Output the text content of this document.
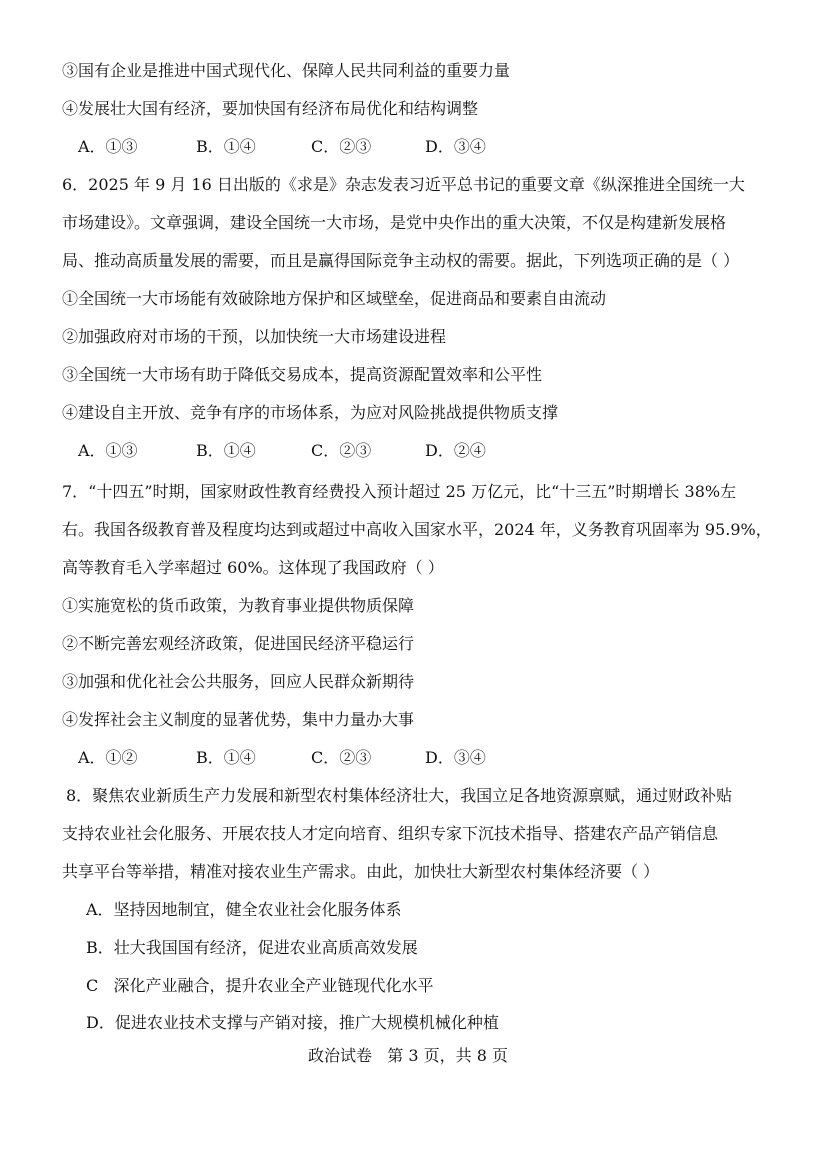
③国有企业是推进中国式现代化、保障人民共同利益的重要力量
④发展壮大国有经济，要加快国有经济布局优化和结构调整
A．①③	B．①④	C．②③	D．③④
6．2025 年 9 月 16 日出版的《求是》杂志发表习近平总书记的重要文章《纵深推进全国统一大
市场建设》。文章强调，建设全国统一大市场，是党中央作出的重大决策，不仅是构建新发展格
局、推动高质量发展的需要，而且是赢得国际竞争主动权的需要。据此，下列选项正确的是（ ）
①全国统一大市场能有效破除地方保护和区域壁垒，促进商品和要素自由流动
②加强政府对市场的干预，以加快统一大市场建设进程
③全国统一大市场有助于降低交易成本，提高资源配置效率和公平性
④建设自主开放、竞争有序的市场体系，为应对风险挑战提供物质支撑
A．①③	B．①④	C．②③	D．②④
7．“十四五”时期，国家财政性教育经费投入预计超过 25 万亿元，比“十三五”时期增长 38%左
右。我国各级教育普及程度均达到或超过中高收入国家水平，2024 年，义务教育巩固率为 95.9%，
高等教育毛入学率超过 60%。这体现了我国政府（ ）
①实施宽松的货币政策，为教育事业提供物质保障
②不断完善宏观经济政策，促进国民经济平稳运行
③加强和优化社会公共服务，回应人民群众新期待
④发挥社会主义制度的显著优势，集中力量办大事
A．①②	B．①④	C．②③	D．③④
8．聚焦农业新质生产力发展和新型农村集体经济壮大，我国立足各地资源禀赋，通过财政补贴
支持农业社会化服务、开展农技人才定向培育、组织专家下沉技术指导、搭建农产品产销信息
共享平台等举措，精准对接农业生产需求。由此，加快壮大新型农村集体经济要（ ）
A．坚持因地制宜，健全农业社会化服务体系
B．壮大我国国有经济，促进农业高质高效发展
C   深化产业融合，提升农业全产业链现代化水平
D．促进农业技术支撑与产销对接，推广大规模机械化种植
政治试卷   第 3 页，共 8 页
